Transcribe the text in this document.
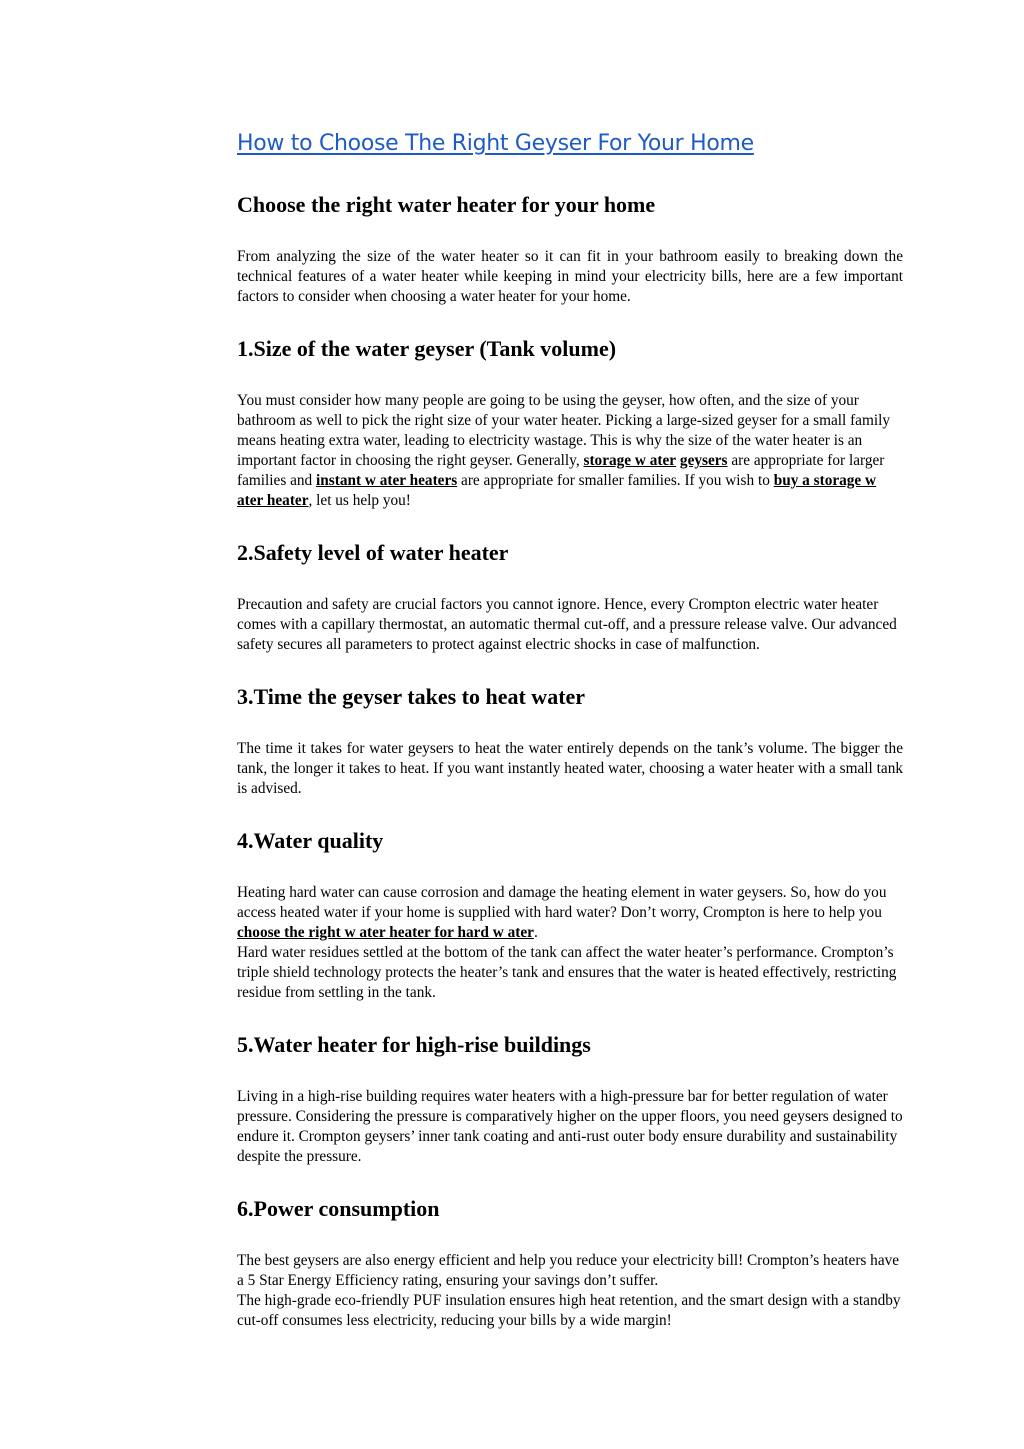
How to Choose The Right Geyser For Your Home
Choose the right water heater for your home

From analyzing the size of the water heater so it can fit in your bathroom easily to breaking down the technical features of a water heater while keeping in mind your electricity bills, here are a few important factors to consider when choosing a water heater for your home.

1.Size of the water geyser (Tank volume)

You must consider how many people are going to be using the geyser, how often, and the size of your bathroom as well to pick the right size of your water heater. Picking a large-sized geyser for a small family means heating extra water, leading to electricity wastage. This is why the size of the water heater is an important factor in choosing the right geyser. Generally, storage w ater geysers are appropriate for larger families and instant w ater heaters are appropriate for smaller families. If you wish to buy a storage w ater heater, let us help you!

2.Safety level of water heater

Precaution and safety are crucial factors you cannot ignore. Hence, every Crompton electric water heater comes with a capillary thermostat, an automatic thermal cut-off, and a pressure release valve. Our advanced safety secures all parameters to protect against electric shocks in case of malfunction.

3.Time the geyser takes to heat water

The time it takes for water geysers to heat the water entirely depends on the tank’s volume. The bigger the tank, the longer it takes to heat. If you want instantly heated water, choosing a water heater with a small tank is advised.

4.Water quality

Heating hard water can cause corrosion and damage the heating element in water geysers. So, how do you access heated water if your home is supplied with hard water? Don’t worry, Crompton is here to help you choose the right w ater heater for hard w ater.

Hard water residues settled at the bottom of the tank can affect the water heater’s performance. Crompton’s triple shield technology protects the heater’s tank and ensures that the water is heated effectively, restricting residue from settling in the tank.

5.Water heater for high-rise buildings

Living in a high-rise building requires water heaters with a high-pressure bar for better regulation of water pressure. Considering the pressure is comparatively higher on the upper floors, you need geysers designed to endure it. Crompton geysers’ inner tank coating and anti-rust outer body ensure durability and sustainability despite the pressure.

6.Power consumption

The best geysers are also energy efficient and help you reduce your electricity bill! Crompton’s heaters have a 5 Star Energy Efficiency rating, ensuring your savings don’t suffer.

The high-grade eco-friendly PUF insulation ensures high heat retention, and the smart design with a standby cut-off consumes less electricity, reducing your bills by a wide margin!
